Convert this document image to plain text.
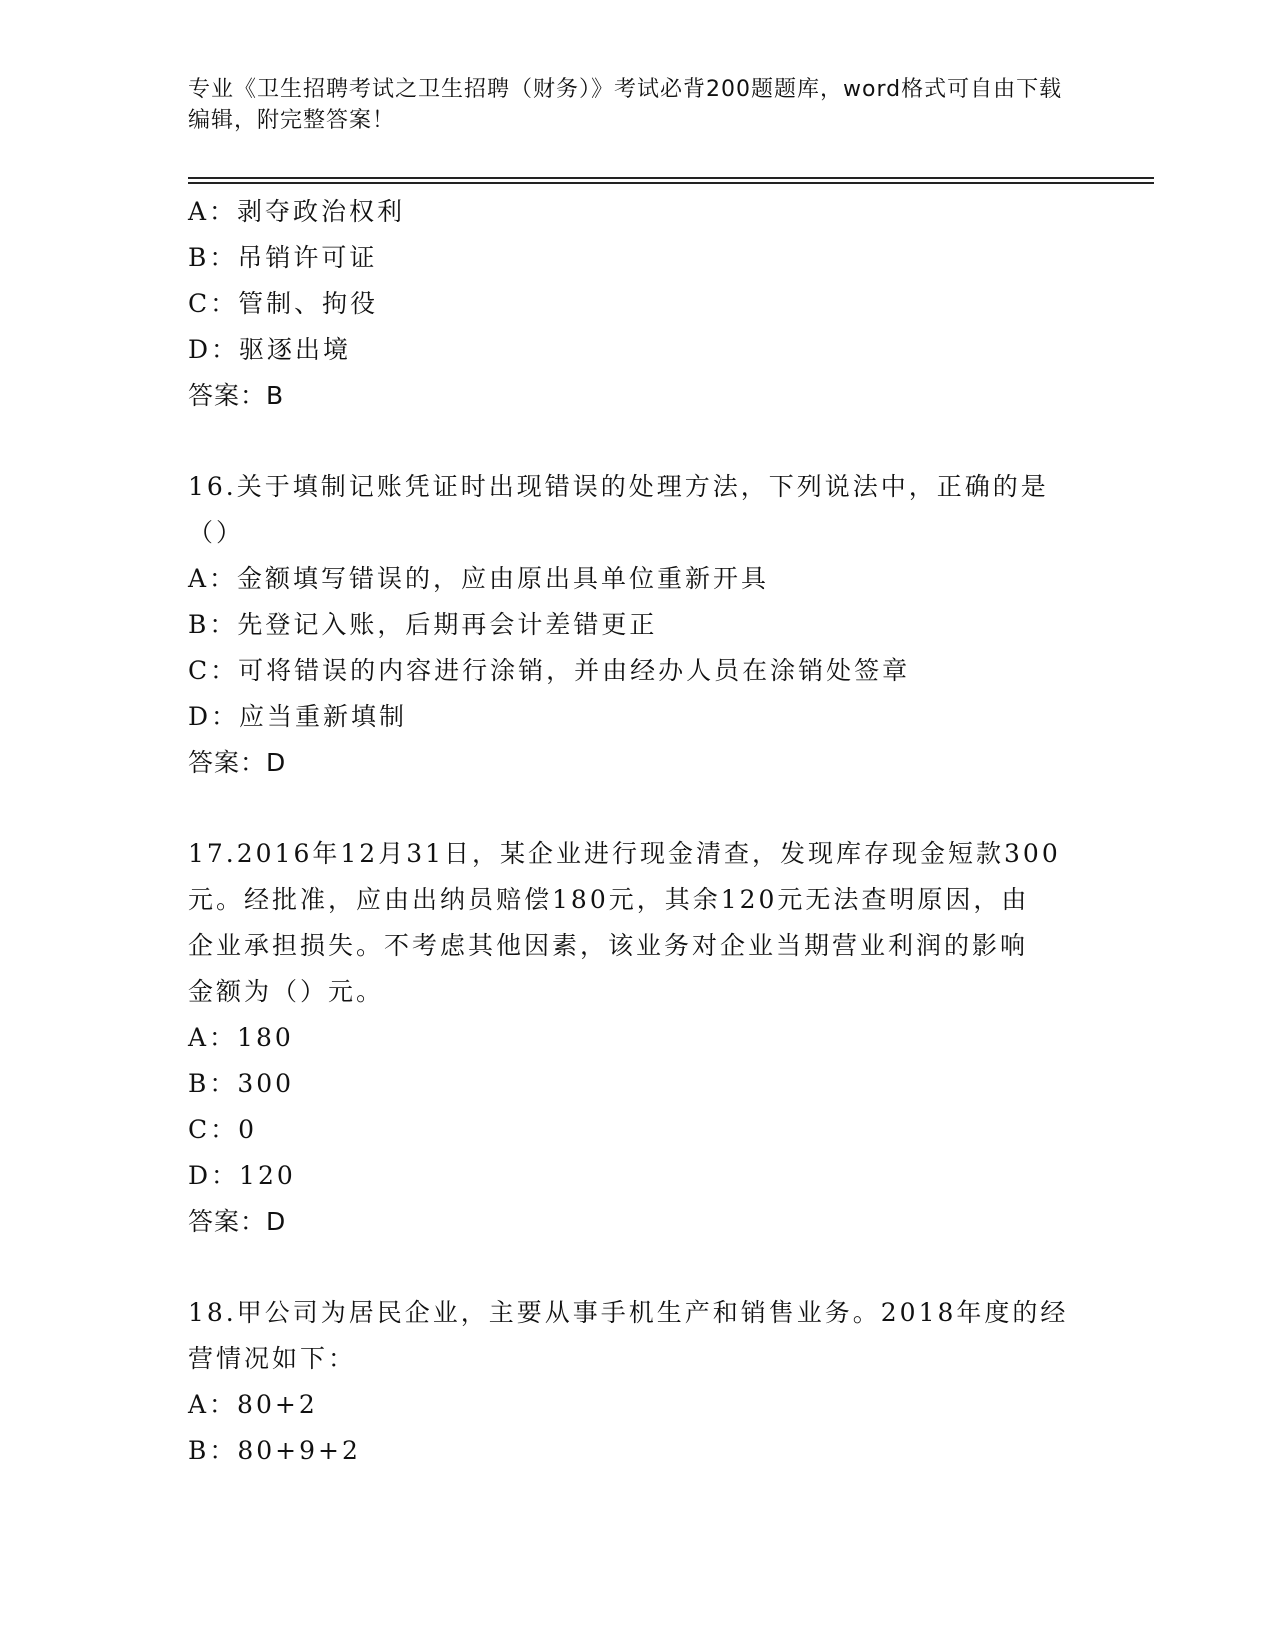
专业《卫生招聘考试之卫生招聘（财务）》考试必背200题题库，word格式可自由下载编辑，附完整答案！
A：剥夺政治权利
B：吊销许可证
C：管制、拘役
D：驱逐出境
答案：B
16.关于填制记账凭证时出现错误的处理方法，下列说法中，正确的是
（）
A：金额填写错误的，应由原出具单位重新开具
B：先登记入账，后期再会计差错更正
C：可将错误的内容进行涂销，并由经办人员在涂销处签章
D：应当重新填制
答案：D
17.2016年12月31日，某企业进行现金清查，发现库存现金短款300
元。经批准，应由出纳员赔偿180元，其余120元无法查明原因，由
企业承担损失。不考虑其他因素，该业务对企业当期营业利润的影响
金额为（）元。
A：180
B：300
C：0
D：120
答案：D
18.甲公司为居民企业，主要从事手机生产和销售业务。2018年度的经
营情况如下：
A：80+2
B：80+9+2
